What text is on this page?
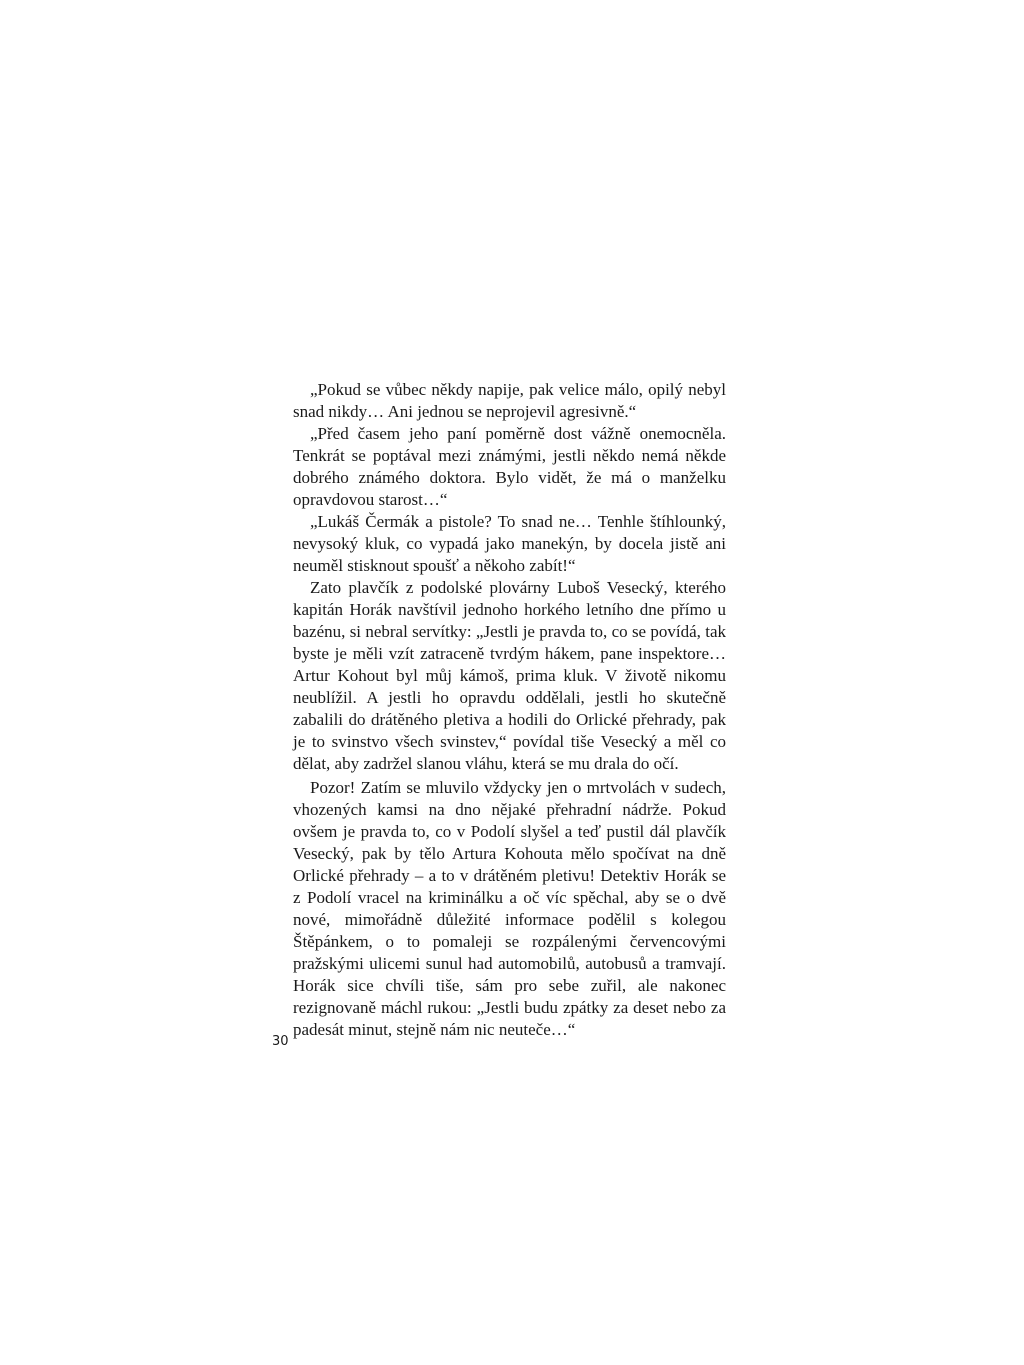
„Pokud se vůbec někdy napije, pak velice málo, opilý nebyl snad nikdy… Ani jednou se neprojevil agresivně.“

„Před časem jeho paní poměrně dost vážně onemocněla. Tenkrát se poptával mezi známými, jestli někdo nemá někde dobrého známého doktora. Bylo vidět, že má o manželku opravdovou starost…“

„Lukáš Čermák a pistole? To snad ne… Tenhle štíhlounký, nevysoký kluk, co vypadá jako manekýn, by docela jistě ani neuměl stisknout spoušť a někoho zabít!“

Zato plavčík z podolské plovárny Luboš Vesecký, kterého kapitán Horák navštívil jednoho horkého letního dne přímo u bazénu, si nebral servítky: „Jestli je pravda to, co se povídá, tak byste je měli vzít zatraceně tvrdým hákem, pane inspektore… Artur Kohout byl můj kámoš, prima kluk. V životě nikomu neublížil. A jestli ho opravdu oddělali, jestli ho skutečně zabalili do drátěného pletiva a hodili do Orlické přehrady, pak je to svinstvo všech svinstev,“ povídal tiše Vesecký a měl co dělat, aby zadržel slanou vláhu, která se mu drala do očí.

Pozor! Zatím se mluvilo vždycky jen o mrtvolách v sudech, vhozených kamsi na dno nějaké přehradní nádrže. Pokud ovšem je pravda to, co v Podolí slyšel a teď pustil dál plavčík Vesecký, pak by tělo Artura Kohouta mělo spočívat na dně Orlické přehrady – a to v drátěném pletivu! Detektiv Horák se z Podolí vracel na kriminálku a oč víc spěchal, aby se o dvě nové, mimořádně důležité informace podělil s kolegou Štěpánkem, o to pomaleji se rozpálenými červencovými pražskými ulicemi sunul had automobilů, autobusů a tramvají. Horák sice chvíli tiše, sám pro sebe zuřil, ale nakonec rezignovaně máchl rukou: „Jestli budu zpátky za deset nebo za padesát minut, stejně nám nic neuteče…“

30
